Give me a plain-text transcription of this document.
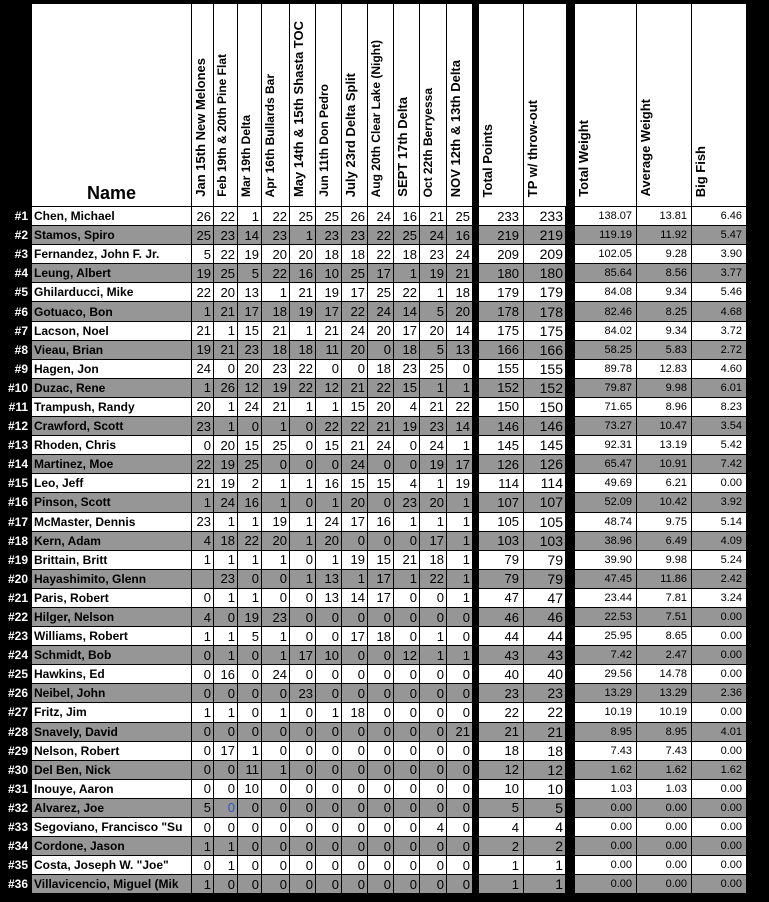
	Name	Jan 15th New Melones	Feb 19th & 20th Pine Flat	Mar 19th Delta	Apr 16th Bullards Bar	May 14th & 15th Shasta TOC	Jun 11th Don Pedro	July 23rd Delta Split	Aug 20th Clear Lake (Night)	SEPT 17th Delta	Oct 22th Berryessa	NOV 12th & 13th Delta		Total Points	TP w/ throw-out		Total Weight	Average Weight	Big Fish
#1	Chen, Michael	26	22	1	22	25	25	26	24	16	21	25		233	233		138.07	13.81	6.46
#2	Stamos, Spiro	25	23	14	23	1	23	23	22	25	24	16		219	219		119.19	11.92	5.47
#3	Fernandez, John F. Jr.	5	22	19	20	20	18	18	22	18	23	24		209	209		102.05	9.28	3.90
#4	Leung, Albert	19	25	5	22	16	10	25	17	1	19	21		180	180		85.64	8.56	3.77
#5	Ghilarducci, Mike	22	20	13	1	21	19	17	25	22	1	18		179	179		84.08	9.34	5.46
#6	Gotuaco, Bon	1	21	17	18	19	17	22	24	14	5	20		178	178		82.46	8.25	4.68
#7	Lacson, Noel	21	1	15	21	1	21	24	20	17	20	14		175	175		84.02	9.34	3.72
#8	Vieau, Brian	19	21	23	18	18	11	20	0	18	5	13		166	166		58.25	5.83	2.72
#9	Hagen, Jon	24	0	20	23	22	0	0	18	23	25	0		155	155		89.78	12.83	4.60
#10	Duzac, Rene	1	26	12	19	22	12	21	22	15	1	1		152	152		79.87	9.98	6.01
#11	Trampush, Randy	20	1	24	21	1	1	15	20	4	21	22		150	150		71.65	8.96	8.23
#12	Crawford, Scott	23	1	0	1	0	22	22	21	19	23	14		146	146		73.27	10.47	3.54
#13	Rhoden, Chris	0	20	15	25	0	15	21	24	0	24	1		145	145		92.31	13.19	5.42
#14	Martinez, Moe	22	19	25	0	0	0	24	0	0	19	17		126	126		65.47	10.91	7.42
#15	Leo, Jeff	21	19	2	1	1	16	15	15	4	1	19		114	114		49.69	6.21	0.00
#16	Pinson, Scott	1	24	16	1	0	1	20	0	23	20	1		107	107		52.09	10.42	3.92
#17	McMaster, Dennis	23	1	1	19	1	24	17	16	1	1	1		105	105		48.74	9.75	5.14
#18	Kern, Adam	4	18	22	20	1	20	0	0	0	17	1		103	103		38.96	6.49	4.09
#19	Brittain, Britt	1	1	1	1	0	1	19	15	21	18	1		79	79		39.90	9.98	5.24
#20	Hayashimito, Glenn		23	0	0	1	13	1	17	1	22	1		79	79		47.45	11.86	2.42
#21	Paris, Robert	0	1	1	0	0	13	14	17	0	0	1		47	47		23.44	7.81	3.24
#22	Hilger, Nelson	4	0	19	23	0	0	0	0	0	0	0		46	46		22.53	7.51	0.00
#23	Williams, Robert	1	1	5	1	0	0	17	18	0	1	0		44	44		25.95	8.65	0.00
#24	Schmidt, Bob	0	1	0	1	17	10	0	0	12	1	1		43	43		7.42	2.47	0.00
#25	Hawkins, Ed	0	16	0	24	0	0	0	0	0	0	0		40	40		29.56	14.78	0.00
#26	Neibel, John	0	0	0	0	23	0	0	0	0	0	0		23	23		13.29	13.29	2.36
#27	Fritz, Jim	1	1	0	1	0	1	18	0	0	0	0		22	22		10.19	10.19	0.00
#28	Snavely, David	0	0	0	0	0	0	0	0	0	0	21		21	21		8.95	8.95	4.01
#29	Nelson, Robert	0	17	1	0	0	0	0	0	0	0	0		18	18		7.43	7.43	0.00
#30	Del Ben, Nick	0	0	11	1	0	0	0	0	0	0	0		12	12		1.62	1.62	1.62
#31	Inouye, Aaron	0	0	10	0	0	0	0	0	0	0	0		10	10		1.03	1.03	0.00
#32	Alvarez, Joe	5	0	0	0	0	0	0	0	0	0	0		5	5		0.00	0.00	0.00
#33	Segoviano, Francisco "Su	0	0	0	0	0	0	0	0	0	4	0		4	4		0.00	0.00	0.00
#34	Cordone, Jason	1	1	0	0	0	0	0	0	0	0	0		2	2		0.00	0.00	0.00
#35	Costa, Joseph W. "Joe"	0	1	0	0	0	0	0	0	0	0	0		1	1		0.00	0.00	0.00
#36	Villavicencio, Miguel (Mik	1	0	0	0	0	0	0	0	0	0	0		1	1		0.00	0.00	0.00
